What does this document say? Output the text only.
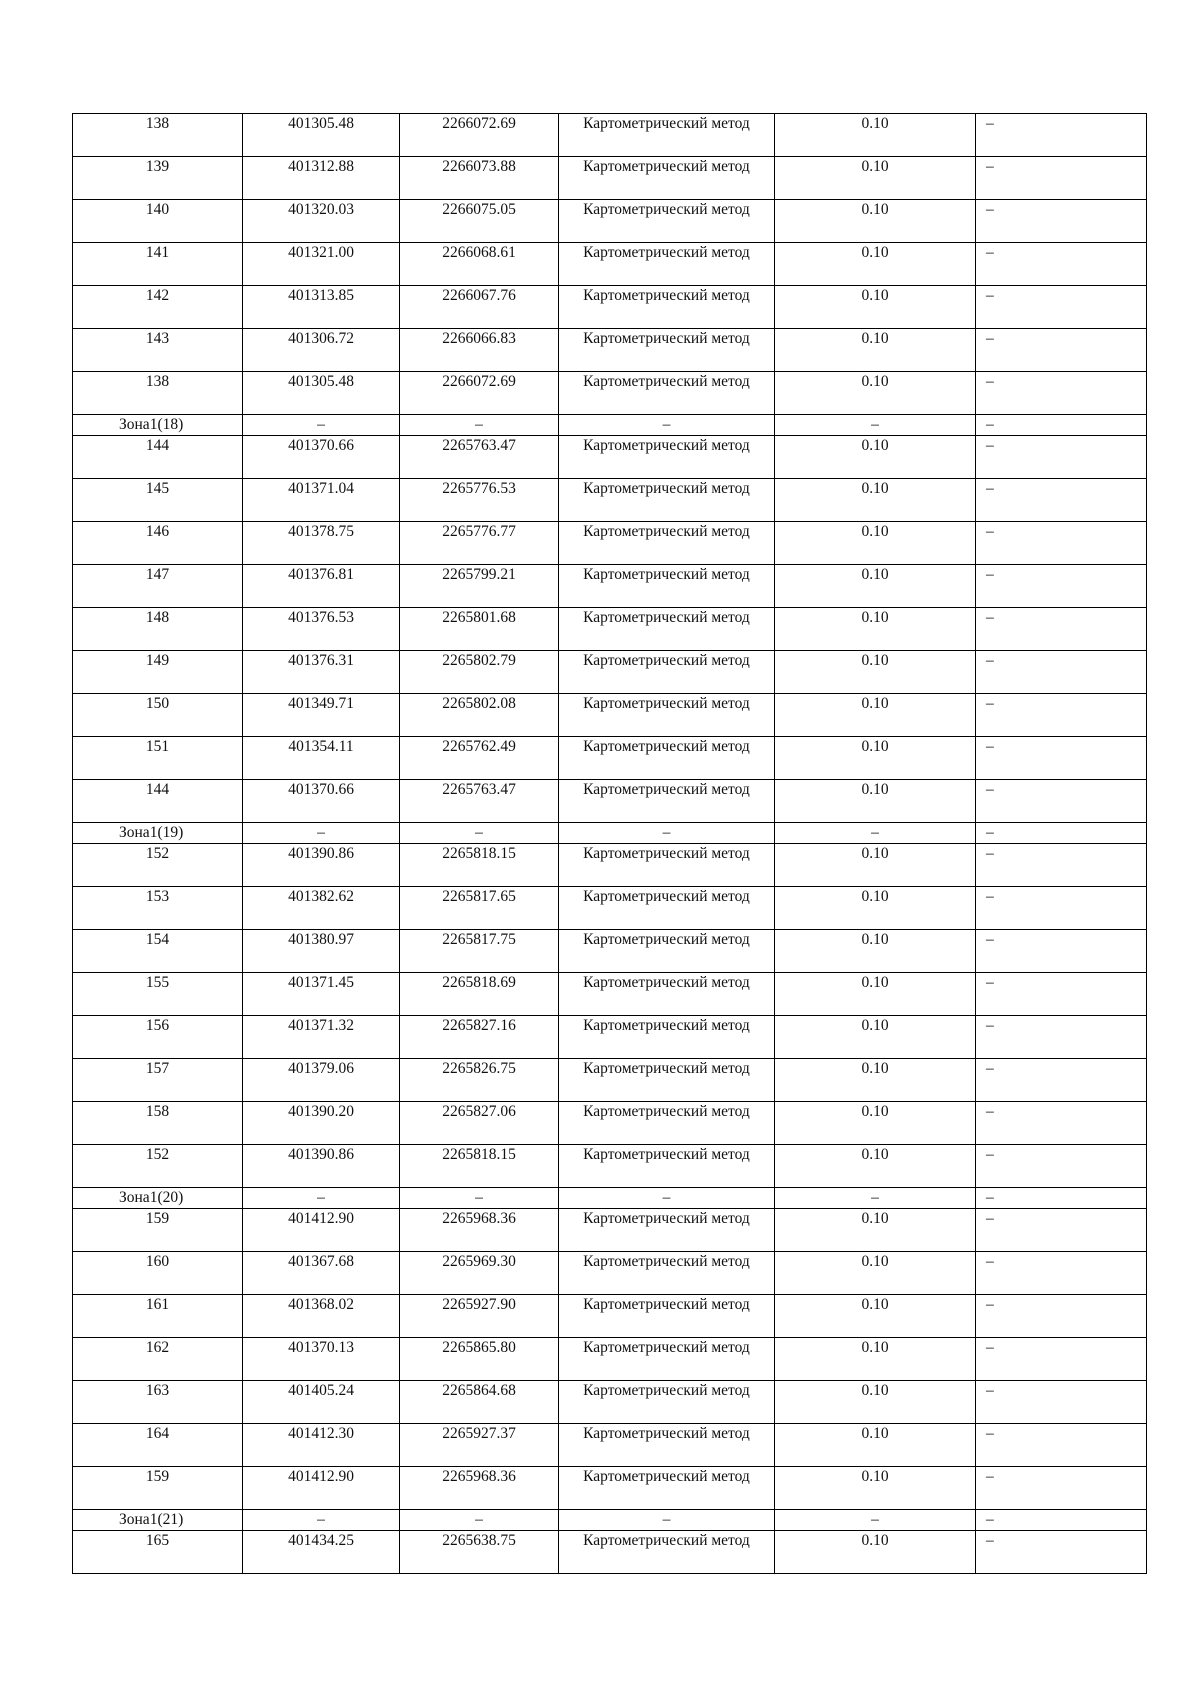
138	401305.48	2266072.69	Картометрический метод	0.10	–
139	401312.88	2266073.88	Картометрический метод	0.10	–
140	401320.03	2266075.05	Картометрический метод	0.10	–
141	401321.00	2266068.61	Картометрический метод	0.10	–
142	401313.85	2266067.76	Картометрический метод	0.10	–
143	401306.72	2266066.83	Картометрический метод	0.10	–
138	401305.48	2266072.69	Картометрический метод	0.10	–
Зона1(18)	–	–	–	–	–
144	401370.66	2265763.47	Картометрический метод	0.10	–
145	401371.04	2265776.53	Картометрический метод	0.10	–
146	401378.75	2265776.77	Картометрический метод	0.10	–
147	401376.81	2265799.21	Картометрический метод	0.10	–
148	401376.53	2265801.68	Картометрический метод	0.10	–
149	401376.31	2265802.79	Картометрический метод	0.10	–
150	401349.71	2265802.08	Картометрический метод	0.10	–
151	401354.11	2265762.49	Картометрический метод	0.10	–
144	401370.66	2265763.47	Картометрический метод	0.10	–
Зона1(19)	–	–	–	–	–
152	401390.86	2265818.15	Картометрический метод	0.10	–
153	401382.62	2265817.65	Картометрический метод	0.10	–
154	401380.97	2265817.75	Картометрический метод	0.10	–
155	401371.45	2265818.69	Картометрический метод	0.10	–
156	401371.32	2265827.16	Картометрический метод	0.10	–
157	401379.06	2265826.75	Картометрический метод	0.10	–
158	401390.20	2265827.06	Картометрический метод	0.10	–
152	401390.86	2265818.15	Картометрический метод	0.10	–
Зона1(20)	–	–	–	–	–
159	401412.90	2265968.36	Картометрический метод	0.10	–
160	401367.68	2265969.30	Картометрический метод	0.10	–
161	401368.02	2265927.90	Картометрический метод	0.10	–
162	401370.13	2265865.80	Картометрический метод	0.10	–
163	401405.24	2265864.68	Картометрический метод	0.10	–
164	401412.30	2265927.37	Картометрический метод	0.10	–
159	401412.90	2265968.36	Картометрический метод	0.10	–
Зона1(21)	–	–	–	–	–
165	401434.25	2265638.75	Картометрический метод	0.10	–
